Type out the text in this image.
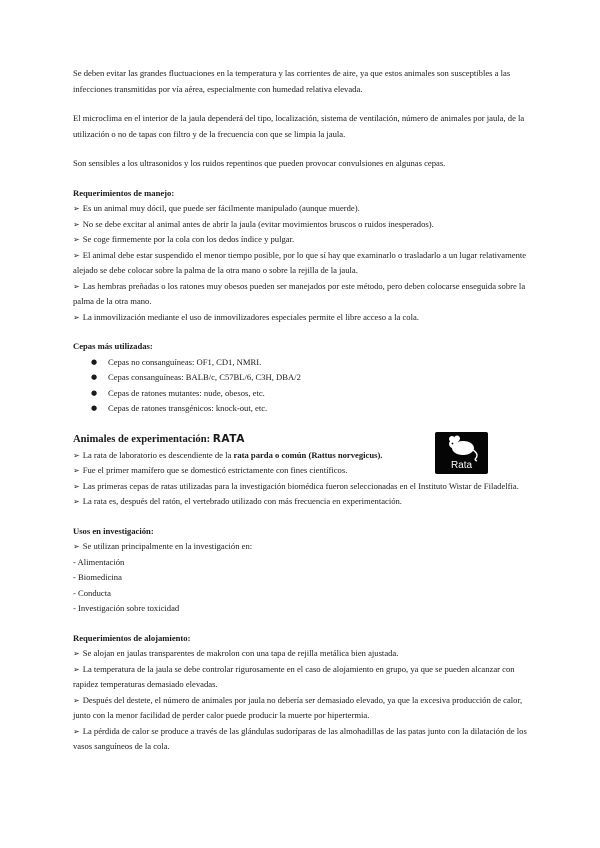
Se deben evitar las grandes fluctuaciones en la temperatura y las corrientes de aire, ya que estos animales son susceptibles a las infecciones transmitidas por vía aérea, especialmente con humedad relativa elevada.

El microclima en el interior de la jaula dependerá del tipo, localización, sistema de ventilación, número de animales por jaula, de la utilización o no de tapas con filtro y de la frecuencia con que se limpia la jaula.

Son sensibles a los ultrasonidos y los ruidos repentinos que pueden provocar convulsiones en algunas cepas.

Requerimientos de manejo:

➢ Es un animal muy dócil, que puede ser fácilmente manipulado (aunque muerde).
➢ No se debe excitar al animal antes de abrir la jaula (evitar movimientos bruscos o ruidos inesperados).
➢ Se coge firmemente por la cola con los dedos índice y pulgar.
➢ El animal debe estar suspendido el menor tiempo posible, por lo que sí hay que examinarlo o trasladarlo a un lugar relativamente alejado se debe colocar sobre la palma de la otra mano o sobre la rejilla de la jaula.
➢ Las hembras preñadas o los ratones muy obesos pueden ser manejados por este método, pero deben colocarse enseguida sobre la palma de la otra mano.
➢ La inmovilización mediante el uso de inmovilizadores especiales permite el libre acceso a la cola.

Cepas más utilizadas:

● Cepas no consanguíneas: OF1, CD1, NMRI.
● Cepas consanguíneas: BALB/c, C57BL/6, C3H, DBA/2
● Cepas de ratones mutantes: nude, obesos, etc.
● Cepas de ratones transgénicos: knock-out, etc.

Animales de experimentación: RATA

➢ La rata de laboratorio es descendiente de la rata parda o común (Rattus norvegicus).
➢ Fue el primer mamífero que se domesticó estrictamente con fines científicos.
➢ Las primeras cepas de ratas utilizadas para la investigación biomédica fueron seleccionadas en el Instituto Wistar de Filadelfia.
➢ La rata es, después del ratón, el vertebrado utilizado con más frecuencia en experimentación.

Usos en investigación:

➢ Se utilizan principalmente en la investigación en:

- Alimentación

- Biomedicina

- Conducta

- Investigación sobre toxicidad

Requerimientos de alojamiento:

➢ Se alojan en jaulas transparentes de makrolon con una tapa de rejilla metálica bien ajustada.
➢ La temperatura de la jaula se debe controlar rigurosamente en el caso de alojamiento en grupo, ya que se pueden alcanzar con rapidez temperaturas demasiado elevadas.
➢ Después del destete, el número de animales por jaula no debería ser demasiado elevado, ya que la excesiva producción de calor, junto con la menor facilidad de perder calor puede producir la muerte por hipertermia.
➢ La pérdida de calor se produce a través de las glándulas sudoríparas de las almohadillas de las patas junto con la dilatación de los vasos sanguíneos de la cola.
Rata
